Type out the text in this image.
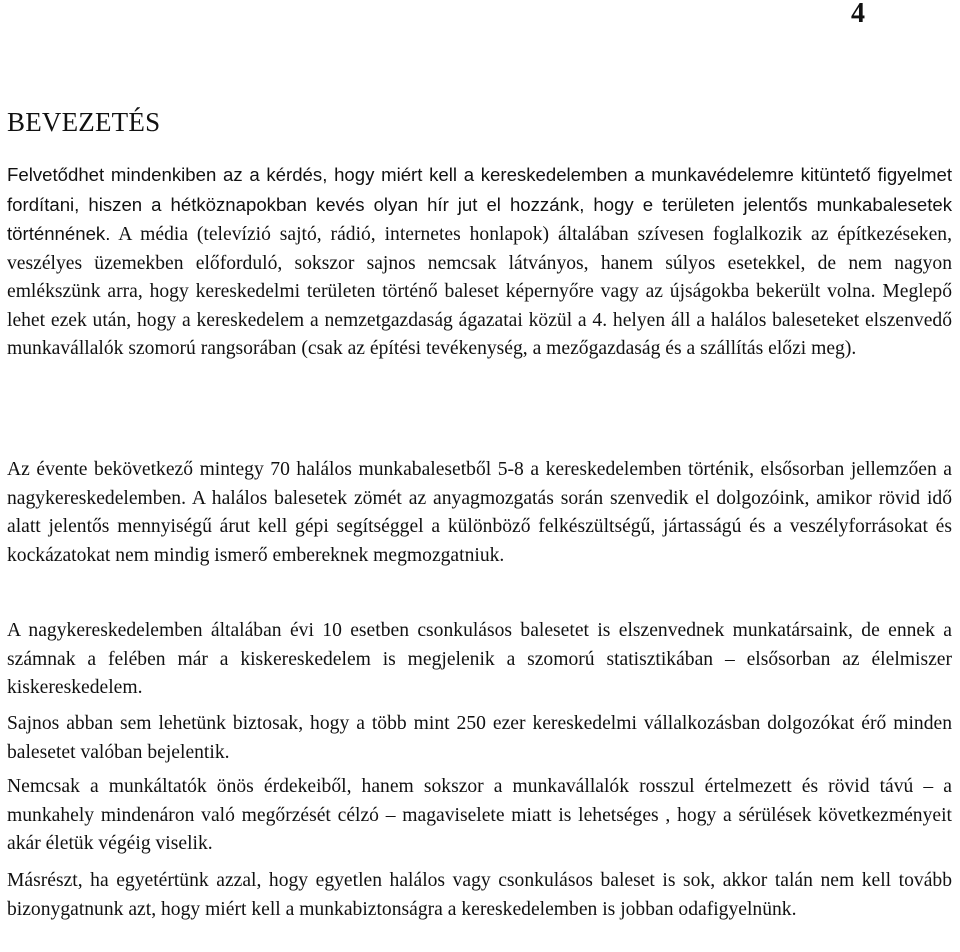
4
BEVEZETÉS

Felvetődhet mindenkiben az a kérdés, hogy miért kell a kereskedelemben a munkavédelemre kitüntető figyelmet fordítani, hiszen a hétköznapokban kevés olyan hír jut el hozzánk, hogy e területen jelentős munkabalesetek történnének. A média (televízió sajtó, rádió, internetes honlapok) általában szívesen foglalkozik az építkezéseken, veszélyes üzemekben előforduló, sokszor sajnos nemcsak látványos, hanem súlyos esetekkel, de nem nagyon emlékszünk arra, hogy kereskedelmi területen történő baleset képernyőre vagy az újságokba bekerült volna. Meglepő lehet ezek után, hogy a kereskedelem a nemzetgazdaság ágazatai közül a 4. helyen áll a halálos baleseteket elszenvedő munkavállalók szomorú rangsorában (csak az építési tevékenység, a mezőgazdaság és a szállítás előzi meg).

Az évente bekövetkező mintegy 70 halálos munkabalesetből 5-8 a kereskedelemben történik, elsősorban jellemzően a nagykereskedelemben. A halálos balesetek zömét az anyagmozgatás során szenvedik el dolgozóink, amikor rövid idő alatt jelentős mennyiségű árut kell gépi segítséggel a különböző felkészültségű, jártasságú és a veszélyforrásokat és kockázatokat nem mindig ismerő embereknek megmozgatniuk.

A nagykereskedelemben általában évi 10 esetben csonkulásos balesetet is elszenvednek munkatársaink, de ennek a számnak a felében már a kiskereskedelem is megjelenik a szomorú statisztikában – elsősorban az élelmiszer kiskereskedelem.

Sajnos abban sem lehetünk biztosak, hogy a több mint 250 ezer kereskedelmi vállalkozásban dolgozókat érő minden balesetet valóban bejelentik.

Nemcsak a munkáltatók önös érdekeiből, hanem sokszor a munkavállalók rosszul értelmezett és rövid távú – a munkahely mindenáron való megőrzését célzó – magaviselete miatt is lehetséges , hogy a sérülések következményeit akár életük végéig viselik.

Másrészt, ha egyetértünk azzal, hogy egyetlen halálos vagy csonkulásos baleset is sok, akkor talán nem kell tovább bizonygatnunk azt, hogy miért kell a munkabiztonságra a kereskedelemben is jobban odafigyelnünk.
